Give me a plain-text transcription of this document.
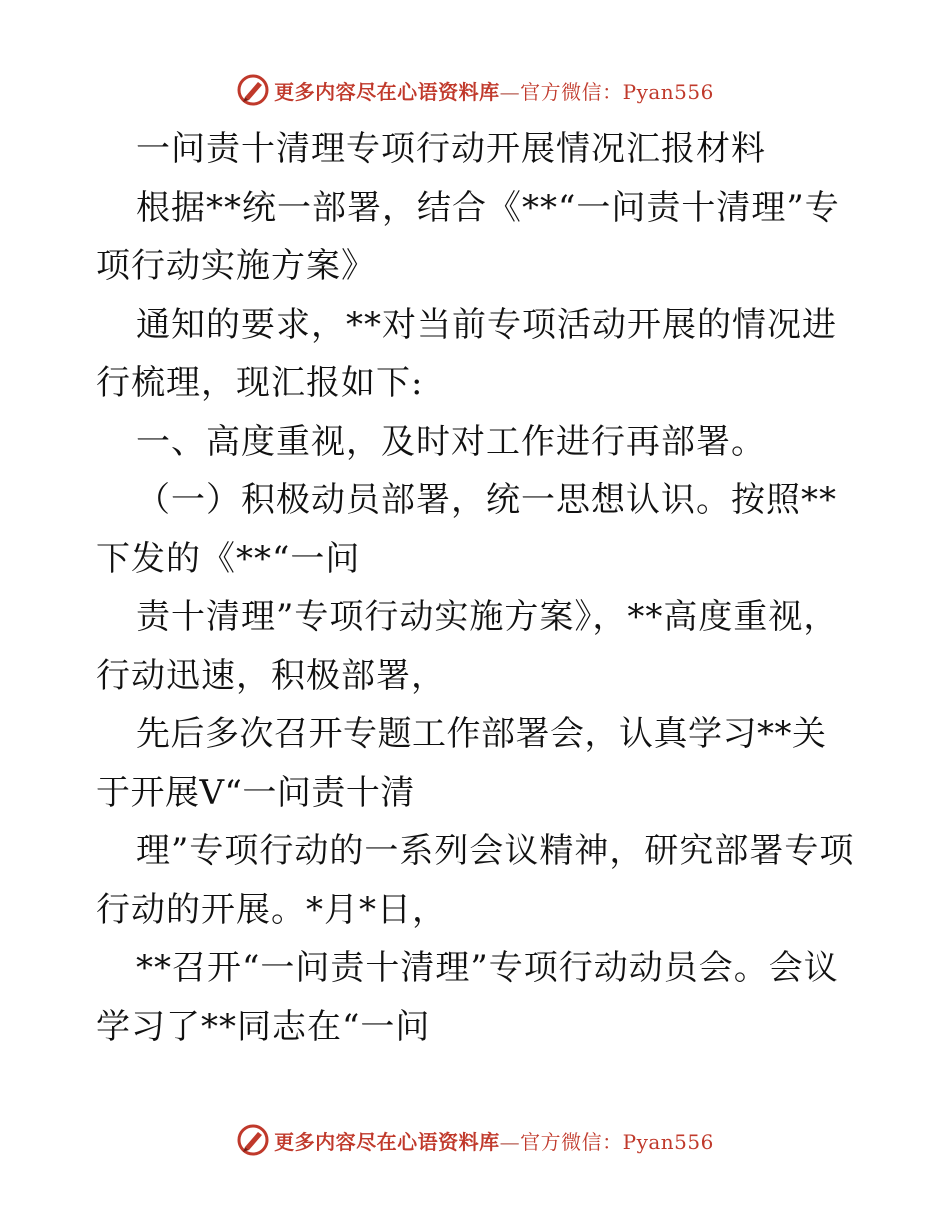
更多内容尽在心语资料库—官方微信：Pyan556

一问责十清理专项行动开展情况汇报材料

根据**统一部署，结合《**“一问责十清理”专项行动实施方案》

通知的要求，**对当前专项活动开展的情况进行梳理，现汇报如下:

一、高度重视，及时对工作进行再部署。

（一）积极动员部署，统一思想认识。按照**下发的《**“一问

责十清理”专项行动实施方案》，**高度重视，行动迅速，积极部署，

先后多次召开专题工作部署会，认真学习**关于开展V“一问责十清

理”专项行动的一系列会议精神，研究部署专项行动的开展。*月*日，

**召开“一问责十清理”专项行动动员会。会议学习了**同志在“一问

更多内容尽在心语资料库—官方微信：Pyan556
